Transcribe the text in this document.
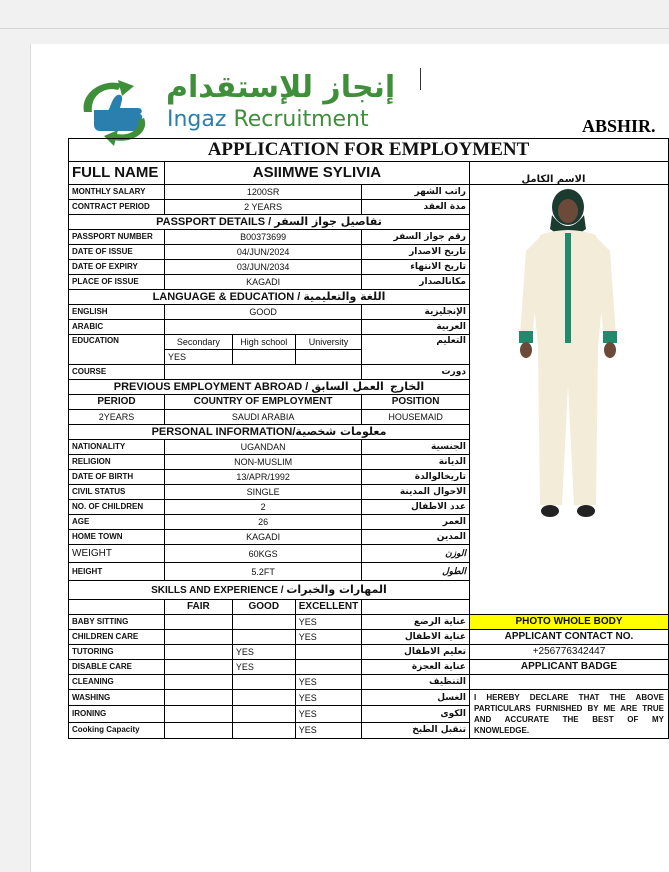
إنجاز للإستقدام
Ingaz Recruitment	ABSHIR.
APPLICATION FOR EMPLOYMENT					
FULL NAME	ASIIMWE SYLIVIA الاسم الكامل				

MONTHLY SALARY	1200SR			راتب الشهر	
CONTRACT PERIOD	2 YEARS			مدة العقد	
PASSPORT DETAILS / تفاصيل جواز السفر					
PASSPORT NUMBER	B00373699			رقم جواز السفر	
DATE OF ISSUE	04/JUN/2024			تاريخ الاصدار	
DATE OF EXPIRY	03/JUN/2034			تاريخ الانتهاء	
PLACE OF ISSUE	KAGADI			مكانالصدار	
LANGUAGE & EDUCATION / اللغة والتعليمية					
ENGLISH	GOOD			الإنجليزية	
ARABIC				العربية	
EDUCATION	Secondary	High school	University	التعليم	
	YES				
COURSE				دورت	
PREVIOUS EMPLOYMENT ABROAD / الخارج  العمل السابق					
PERIOD	COUNTRY OF EMPLOYMENT			POSITION	
2YEARS	SAUDI ARABIA			HOUSEMAID	
PERSONAL INFORMATION/معلومات شخصية					
NATIONALITY	UGANDAN			الجنسية	
RELIGION	NON-MUSLIM			الديانة	
DATE OF BIRTH	13/APR/1992			تاريخالوالدة	
CIVIL STATUS	SINGLE			الاحوال المدينة	
NO. OF CHILDREN	2			عدد الاطفال	
AGE	26			العمر	
HOME TOWN	KAGADI			المدين	
WEIGHT	60KGS			الوزن	
HEIGHT	5.2FT			الطول	
SKILLS AND EXPERIENCE / المهارات والخبرات					
	FAIR	GOOD	EXCELLENT		
BABY SITTING			YES	عناية الرضع	PHOTO WHOLE BODY
CHILDREN CARE			YES	عناية الاطفال	APPLICANT CONTACT NO.
TUTORING		YES		تعليم الاطفال	+256776342447
DISABLE CARE		YES		عناية العجزة	APPLICANT BADGE
CLEANING			YES	التنظيف	
WASHING			YES	الغسل	I HEREBY DECLARE THAT THE ABOVE PARTICULARS FURNISHED BY ME ARE TRUE AND ACCURATE THE BEST OF MY KNOWLEDGE.
IRONING			YES	الكوى	
Cooking Capacity			YES	تنقبل الطبخ	
